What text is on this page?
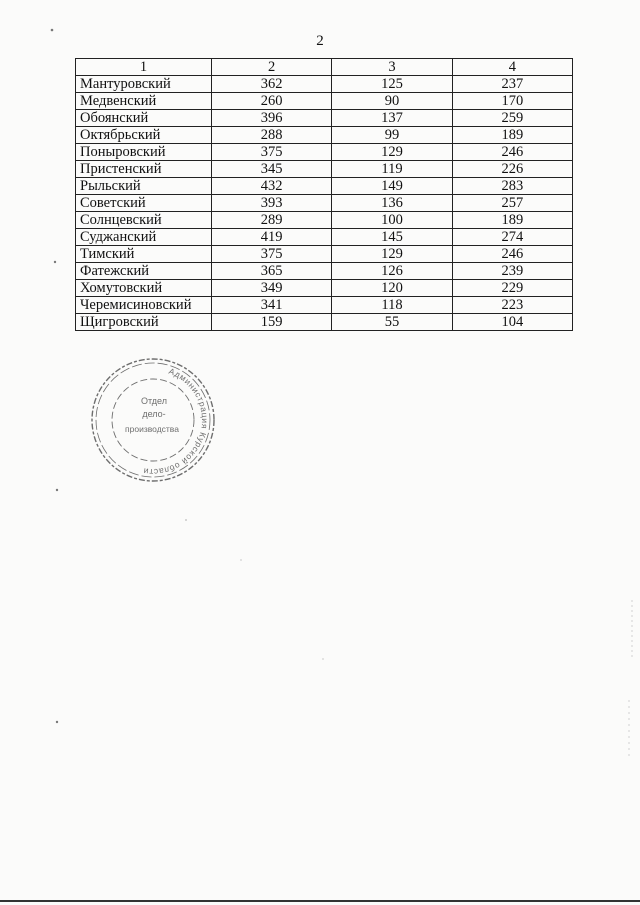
2
1	2	3	4
Мантуровский	362	125	237
Медвенский	260	90	170
Обоянский	396	137	259
Октябрьский	288	99	189
Поныровский	375	129	246
Пристенский	345	119	226
Рыльский	432	149	283
Советский	393	136	257
Солнцевский	289	100	189
Суджанский	419	145	274
Тимский	375	129	246
Фатежский	365	126	239
Хомутовский	349	120	229
Черемисиновский	341	118	223
Щигровский	159	55	104
Администрация Курской области
Отдел
дело-
производства
